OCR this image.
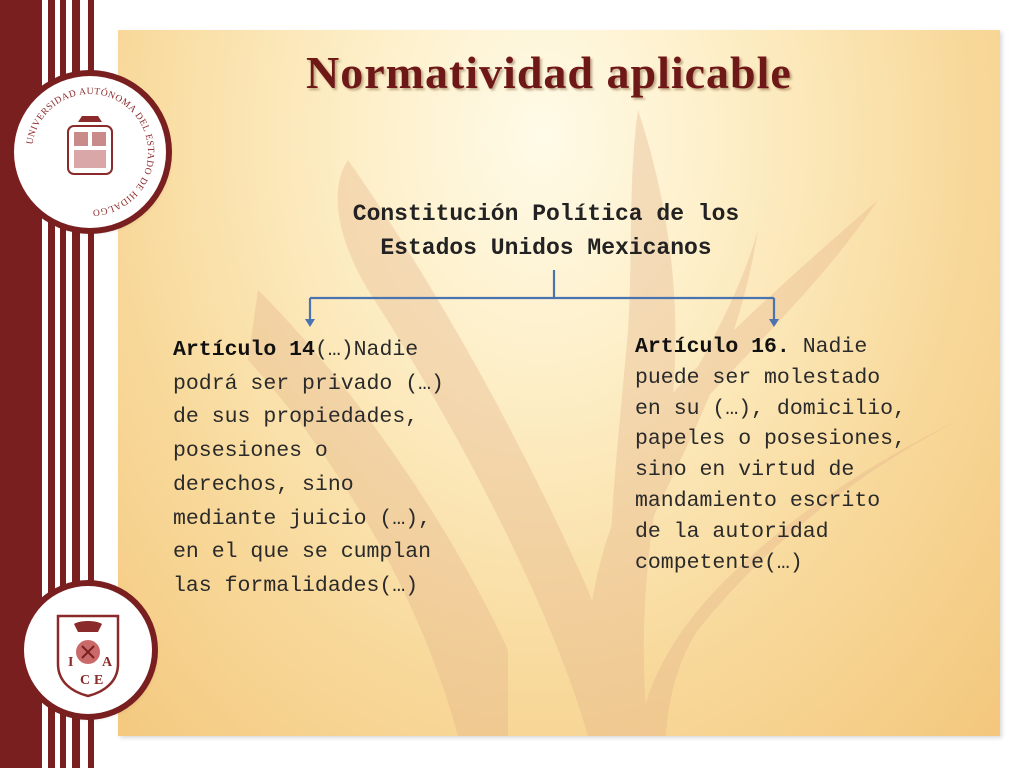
UNIVERSIDAD AUTÓNOMA DEL ESTADO DE HIDALGO
I
C E
A
Normatividad aplicable
Constitución Política de los
Estados Unidos Mexicanos
Artículo 14(…)Nadie
podrá ser privado (…)
de sus propiedades,
posesiones o
derechos, sino
mediante juicio (…),
en el que se cumplan
las formalidades(…)
Artículo 16. Nadie
puede ser molestado
en su (…), domicilio,
papeles o posesiones,
sino en virtud de
mandamiento escrito
de la autoridad
competente(…)
